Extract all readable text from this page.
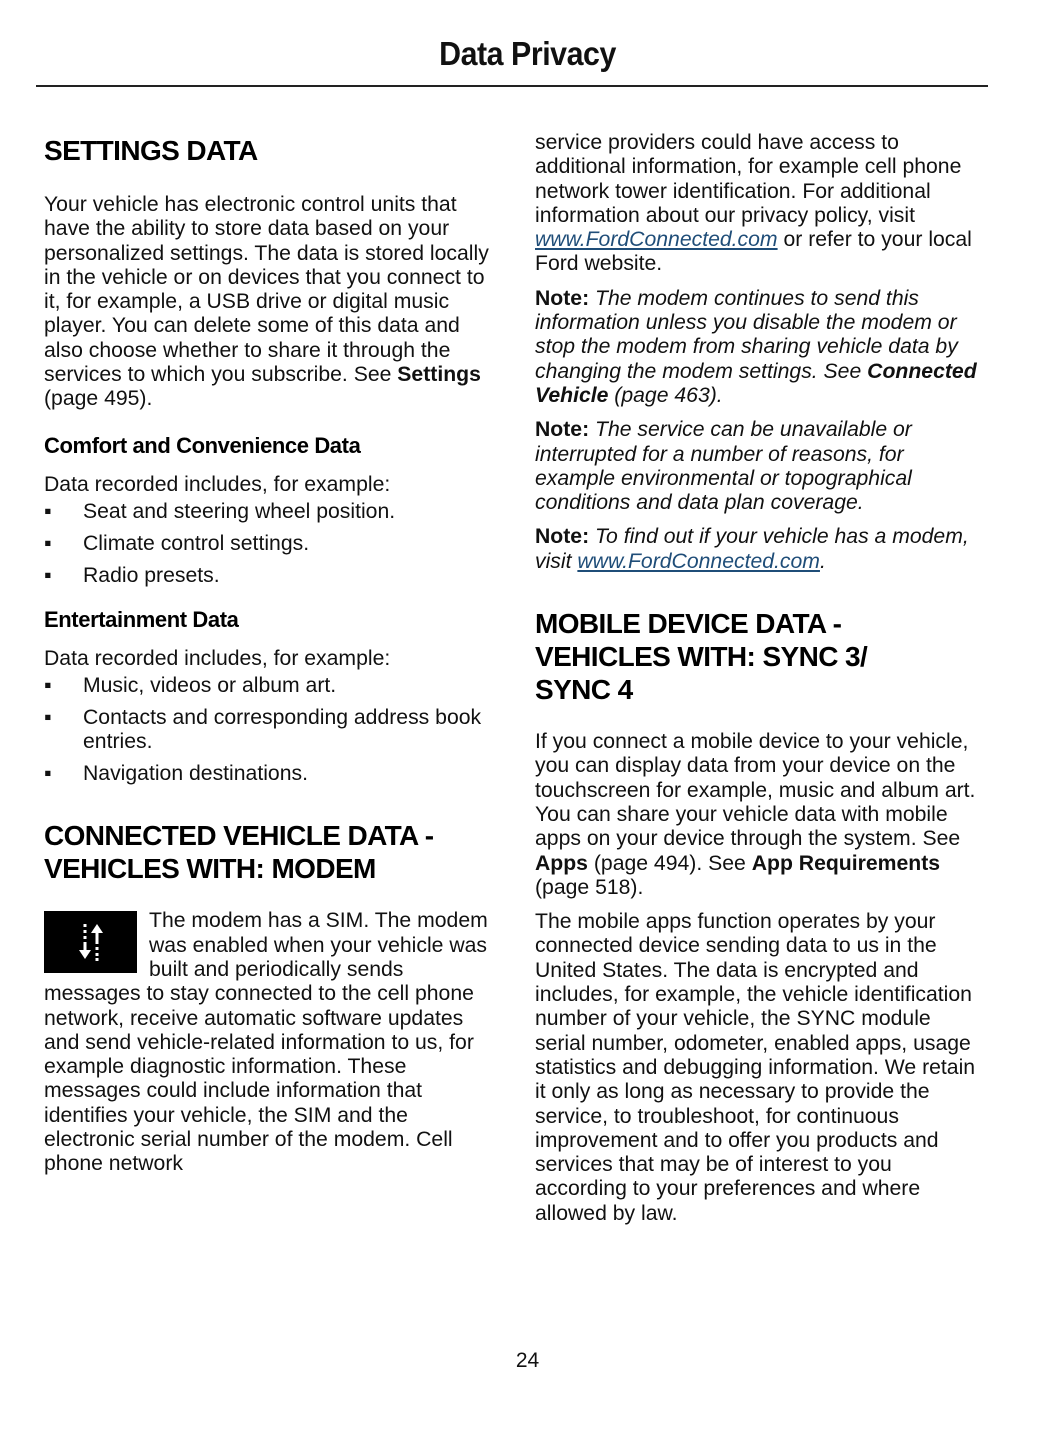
Data Privacy
SETTINGS DATA

Your vehicle has electronic control units that have the ability to store data based on your personalized settings. The data is stored locally in the vehicle or on devices that you connect to it, for example, a USB drive or digital music player. You can delete some of this data and also choose whether to share it through the services to which you subscribe. See Settings (page 495).

Comfort and Convenience Data

Data recorded includes, for example:

▪ Seat and steering wheel position.
▪ Climate control settings.
▪ Radio presets.
Entertainment Data

Data recorded includes, for example:

▪ Music, videos or album art.
▪ Contacts and corresponding address book entries.
▪ Navigation destinations.
CONNECTED VEHICLE DATA -
VEHICLES WITH: MODEM

The modem has a SIM. The modem was enabled when your vehicle was built and periodically sends messages to stay connected to the cell phone network, receive automatic software updates and send vehicle-related information to us, for example diagnostic information. These messages could include information that identifies your vehicle, the SIM and the electronic serial number of the modem. Cell phone network

service providers could have access to additional information, for example cell phone network tower identification. For additional information about our privacy policy, visit www.FordConnected.com or refer to your local Ford website.

Note: The modem continues to send this information unless you disable the modem or stop the modem from sharing vehicle data by changing the modem settings. See Connected Vehicle (page 463).

Note: The service can be unavailable or interrupted for a number of reasons, for example environmental or topographical conditions and data plan coverage.

Note: To find out if your vehicle has a modem, visit www.FordConnected.com.

MOBILE DEVICE DATA -
VEHICLES WITH: SYNC 3/
SYNC 4

If you connect a mobile device to your vehicle, you can display data from your device on the touchscreen for example, music and album art. You can share your vehicle data with mobile apps on your device through the system. See Apps (page 494). See App Requirements (page 518).

The mobile apps function operates by your connected device sending data to us in the United States. The data is encrypted and includes, for example, the vehicle identification number of your vehicle, the SYNC module serial number, odometer, enabled apps, usage statistics and debugging information. We retain it only as long as necessary to provide the service, to troubleshoot, for continuous improvement and to offer you products and services that may be of interest to you according to your preferences and where allowed by law.

24
